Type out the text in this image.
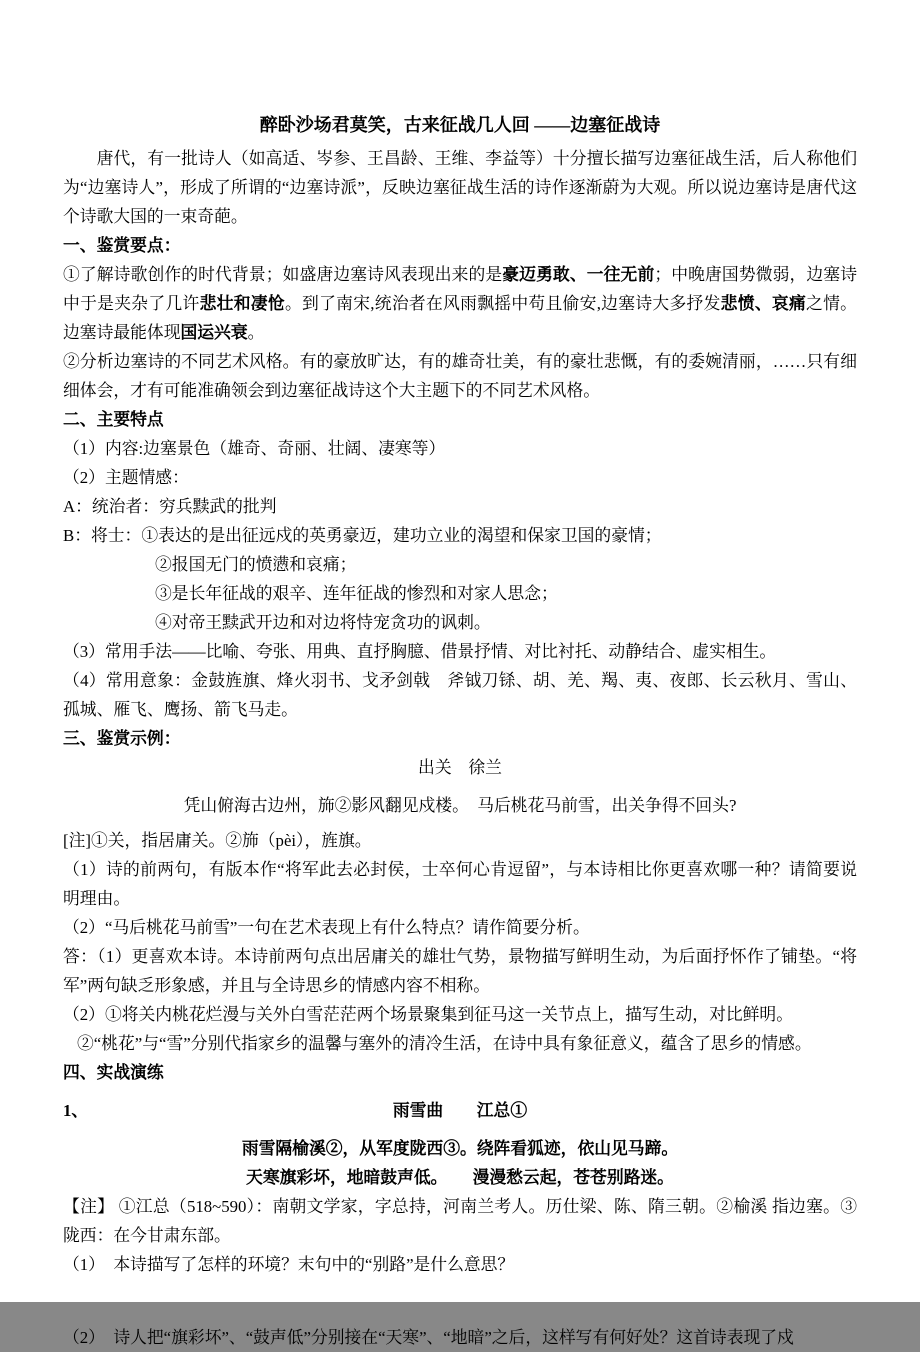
醉卧沙场君莫笑，古来征战几人回 ——边塞征战诗

唐代，有一批诗人（如高适、岑参、王昌龄、王维、李益等）十分擅长描写边塞征战生活，后人称他们为“边塞诗人”，形成了所谓的“边塞诗派”，反映边塞征战生活的诗作逐渐蔚为大观。所以说边塞诗是唐代这个诗歌大国的一束奇葩。

一、鉴赏要点：

①了解诗歌创作的时代背景；如盛唐边塞诗风表现出来的是豪迈勇敢、一往无前；中晚唐国势微弱，边塞诗中于是夹杂了几许悲壮和凄怆。到了南宋,统治者在风雨飘摇中苟且偷安,边塞诗大多抒发悲愤、哀痛之情。边塞诗最能体现国运兴衰。

②分析边塞诗的不同艺术风格。有的豪放旷达，有的雄奇壮美，有的豪壮悲慨，有的委婉清丽，……只有细细体会，才有可能准确领会到边塞征战诗这个大主题下的不同艺术风格。

二、主要特点

（1）内容:边塞景色（雄奇、奇丽、壮阔、凄寒等）

（2）主题情感：

A：统治者：穷兵黩武的批判

B：将士：①表达的是出征远戍的英勇豪迈，建功立业的渴望和保家卫国的豪情；

②报国无门的愤懑和哀痛；

③是长年征战的艰辛、连年征战的惨烈和对家人思念；

④对帝王黩武开边和对边将恃宠贪功的讽刺。

（3）常用手法——比喻、夸张、用典、直抒胸臆、借景抒情、对比衬托、动静结合、虚实相生。

（4）常用意象：金鼓旌旗、烽火羽书、戈矛剑戟　斧钺刀铩、胡、羌、羯、夷、夜郎、长云秋月、雪山、孤城、雁飞、鹰扬、箭飞马走。

三、鉴赏示例：

出关　徐兰

凭山俯海古边州，斾②影风翻见戍楼。　马后桃花马前雪，出关争得不回头?

[注]①关，指居庸关。②斾（pèi），旌旗。

（1）诗的前两句，有版本作“将军此去必封侯，士卒何心肯逗留”，与本诗相比你更喜欢哪一种？请简要说明理由。

（2）“马后桃花马前雪”一句在艺术表现上有什么特点？请作简要分析。

答：（1）更喜欢本诗。本诗前两句点出居庸关的雄壮气势，景物描写鲜明生动，为后面抒怀作了铺垫。“将军”两句缺乏形象感，并且与全诗思乡的情感内容不相称。

（2）①将关内桃花烂漫与关外白雪茫茫两个场景聚集到征马这一关节点上，描写生动，对比鲜明。

②“桃花”与“雪”分别代指家乡的温馨与塞外的清冷生活，在诗中具有象征意义，蕴含了思乡的情感。

四、实战演练

1、	雨雪曲　　江总①

雨雪隔榆溪②，从军度陇西③。绕阵看狐迹，依山见马蹄。

天寒旗彩坏，地暗鼓声低。　　漫漫愁云起，苍苍别路迷。

【注】 ①江总（518~590）：南朝文学家，字总持，河南兰考人。历仕梁、陈、隋三朝。②榆溪 指边塞。③陇西：在今甘肃东部。

（1）　本诗描写了怎样的环境？末句中的“别路”是什么意思？

（2）　诗人把“旗彩坏”、“鼓声低”分别接在“天寒”、“地暗”之后，这样写有何好处？这首诗表现了戍
